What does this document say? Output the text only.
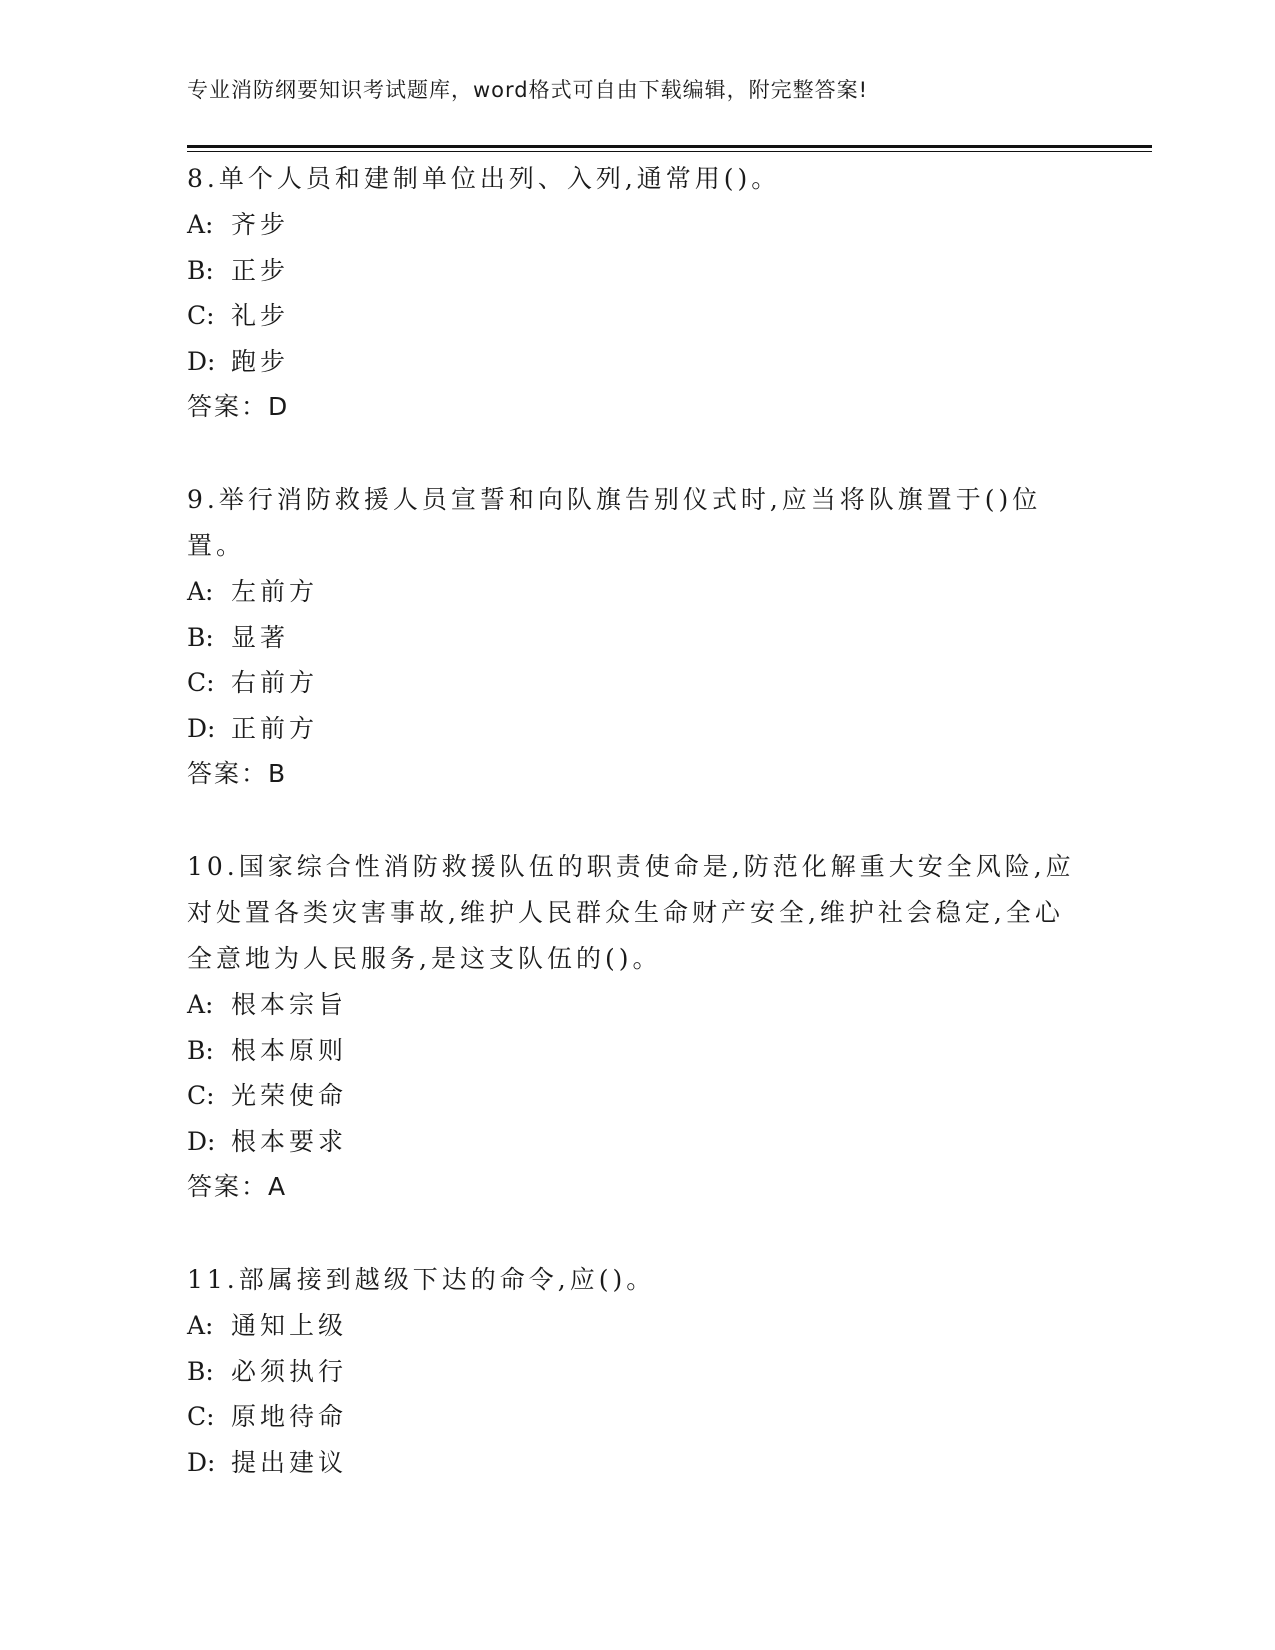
专业消防纲要知识考试题库，word格式可自由下载编辑，附完整答案!

8.单个人员和建制单位出列、入列,通常用()。

A: 齐步
B: 正步
C: 礼步
D: 跑步
答案：D

9.举行消防救援人员宣誓和向队旗告别仪式时,应当将队旗置于()位置。

A: 左前方
B: 显著
C: 右前方
D: 正前方
答案：B

10.国家综合性消防救援队伍的职责使命是,防范化解重大安全风险,应对处置各类灾害事故,维护人民群众生命财产安全,维护社会稳定,全心全意地为人民服务,是这支队伍的()。

A: 根本宗旨
B: 根本原则
C: 光荣使命
D: 根本要求
答案：A

11.部属接到越级下达的命令,应()。

A: 通知上级
B: 必须执行
C: 原地待命
D: 提出建议
